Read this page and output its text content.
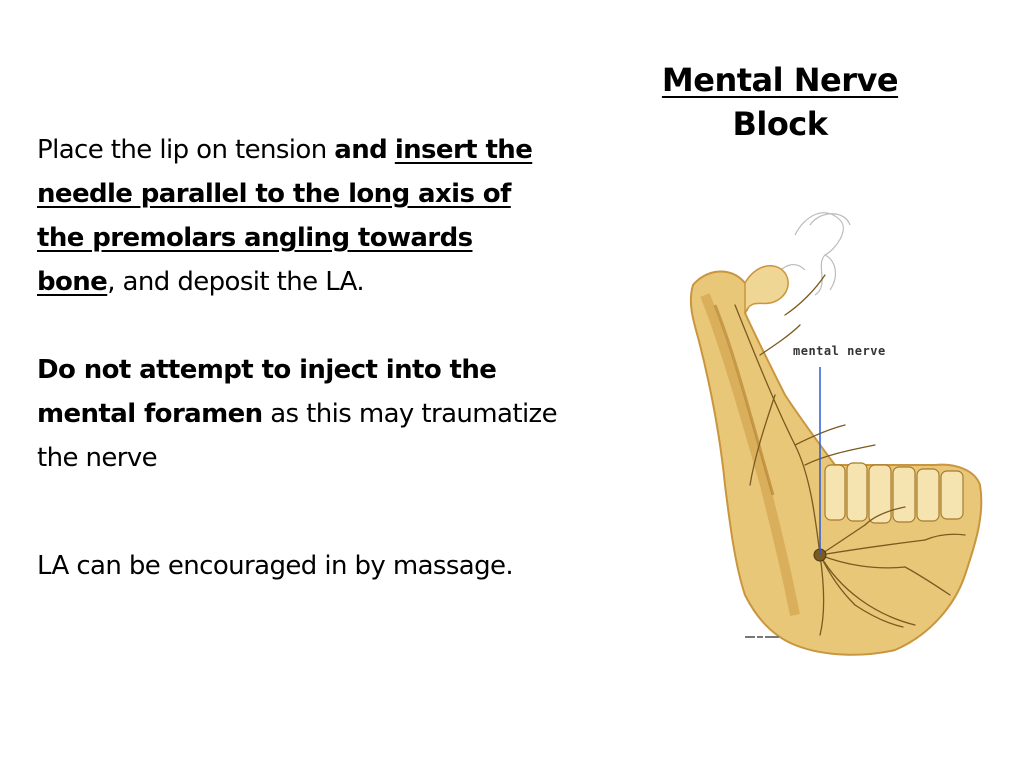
Mental Nerve
Block

Place the lip on tension and insert the needle parallel to the long axis of the premolars angling towards bone, and deposit the LA.

Do not attempt to inject into the mental foramen as this may traumatize the nerve

LA can be encouraged in by massage.

mental nerve
